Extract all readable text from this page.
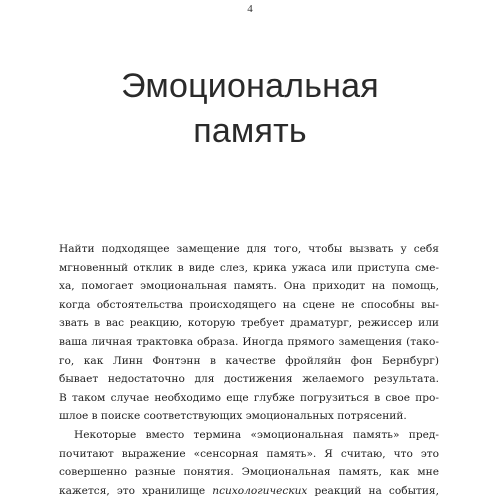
4
Эмоциональная
память
Найти подходящее замещение для того, чтобы вызвать у себя
мгновенный отклик в виде слез, крика ужаса или приступа сме-
ха, помогает эмоциональная память. Она приходит на помощь,
когда обстоятельства происходящего на сцене не способны вы-
звать в вас реакцию, которую требует драматург, режиссер или
ваша личная трактовка образа. Иногда прямого замещения (тако-
го, как Линн Фонтэнн в качестве фройляйн фон Бернбург)
бывает недостаточно для достижения желаемого результата.
В таком случае необходимо еще глубже погрузиться в свое про-
шлое в поиске соответствующих эмоциональных потрясений.
Некоторые вместо термина «эмоциональная память» пред-
почитают выражение «сенсорная память». Я считаю, что это
совершенно разные понятия. Эмоциональная память, как мне
кажется, это хранилище психологических реакций на события,
